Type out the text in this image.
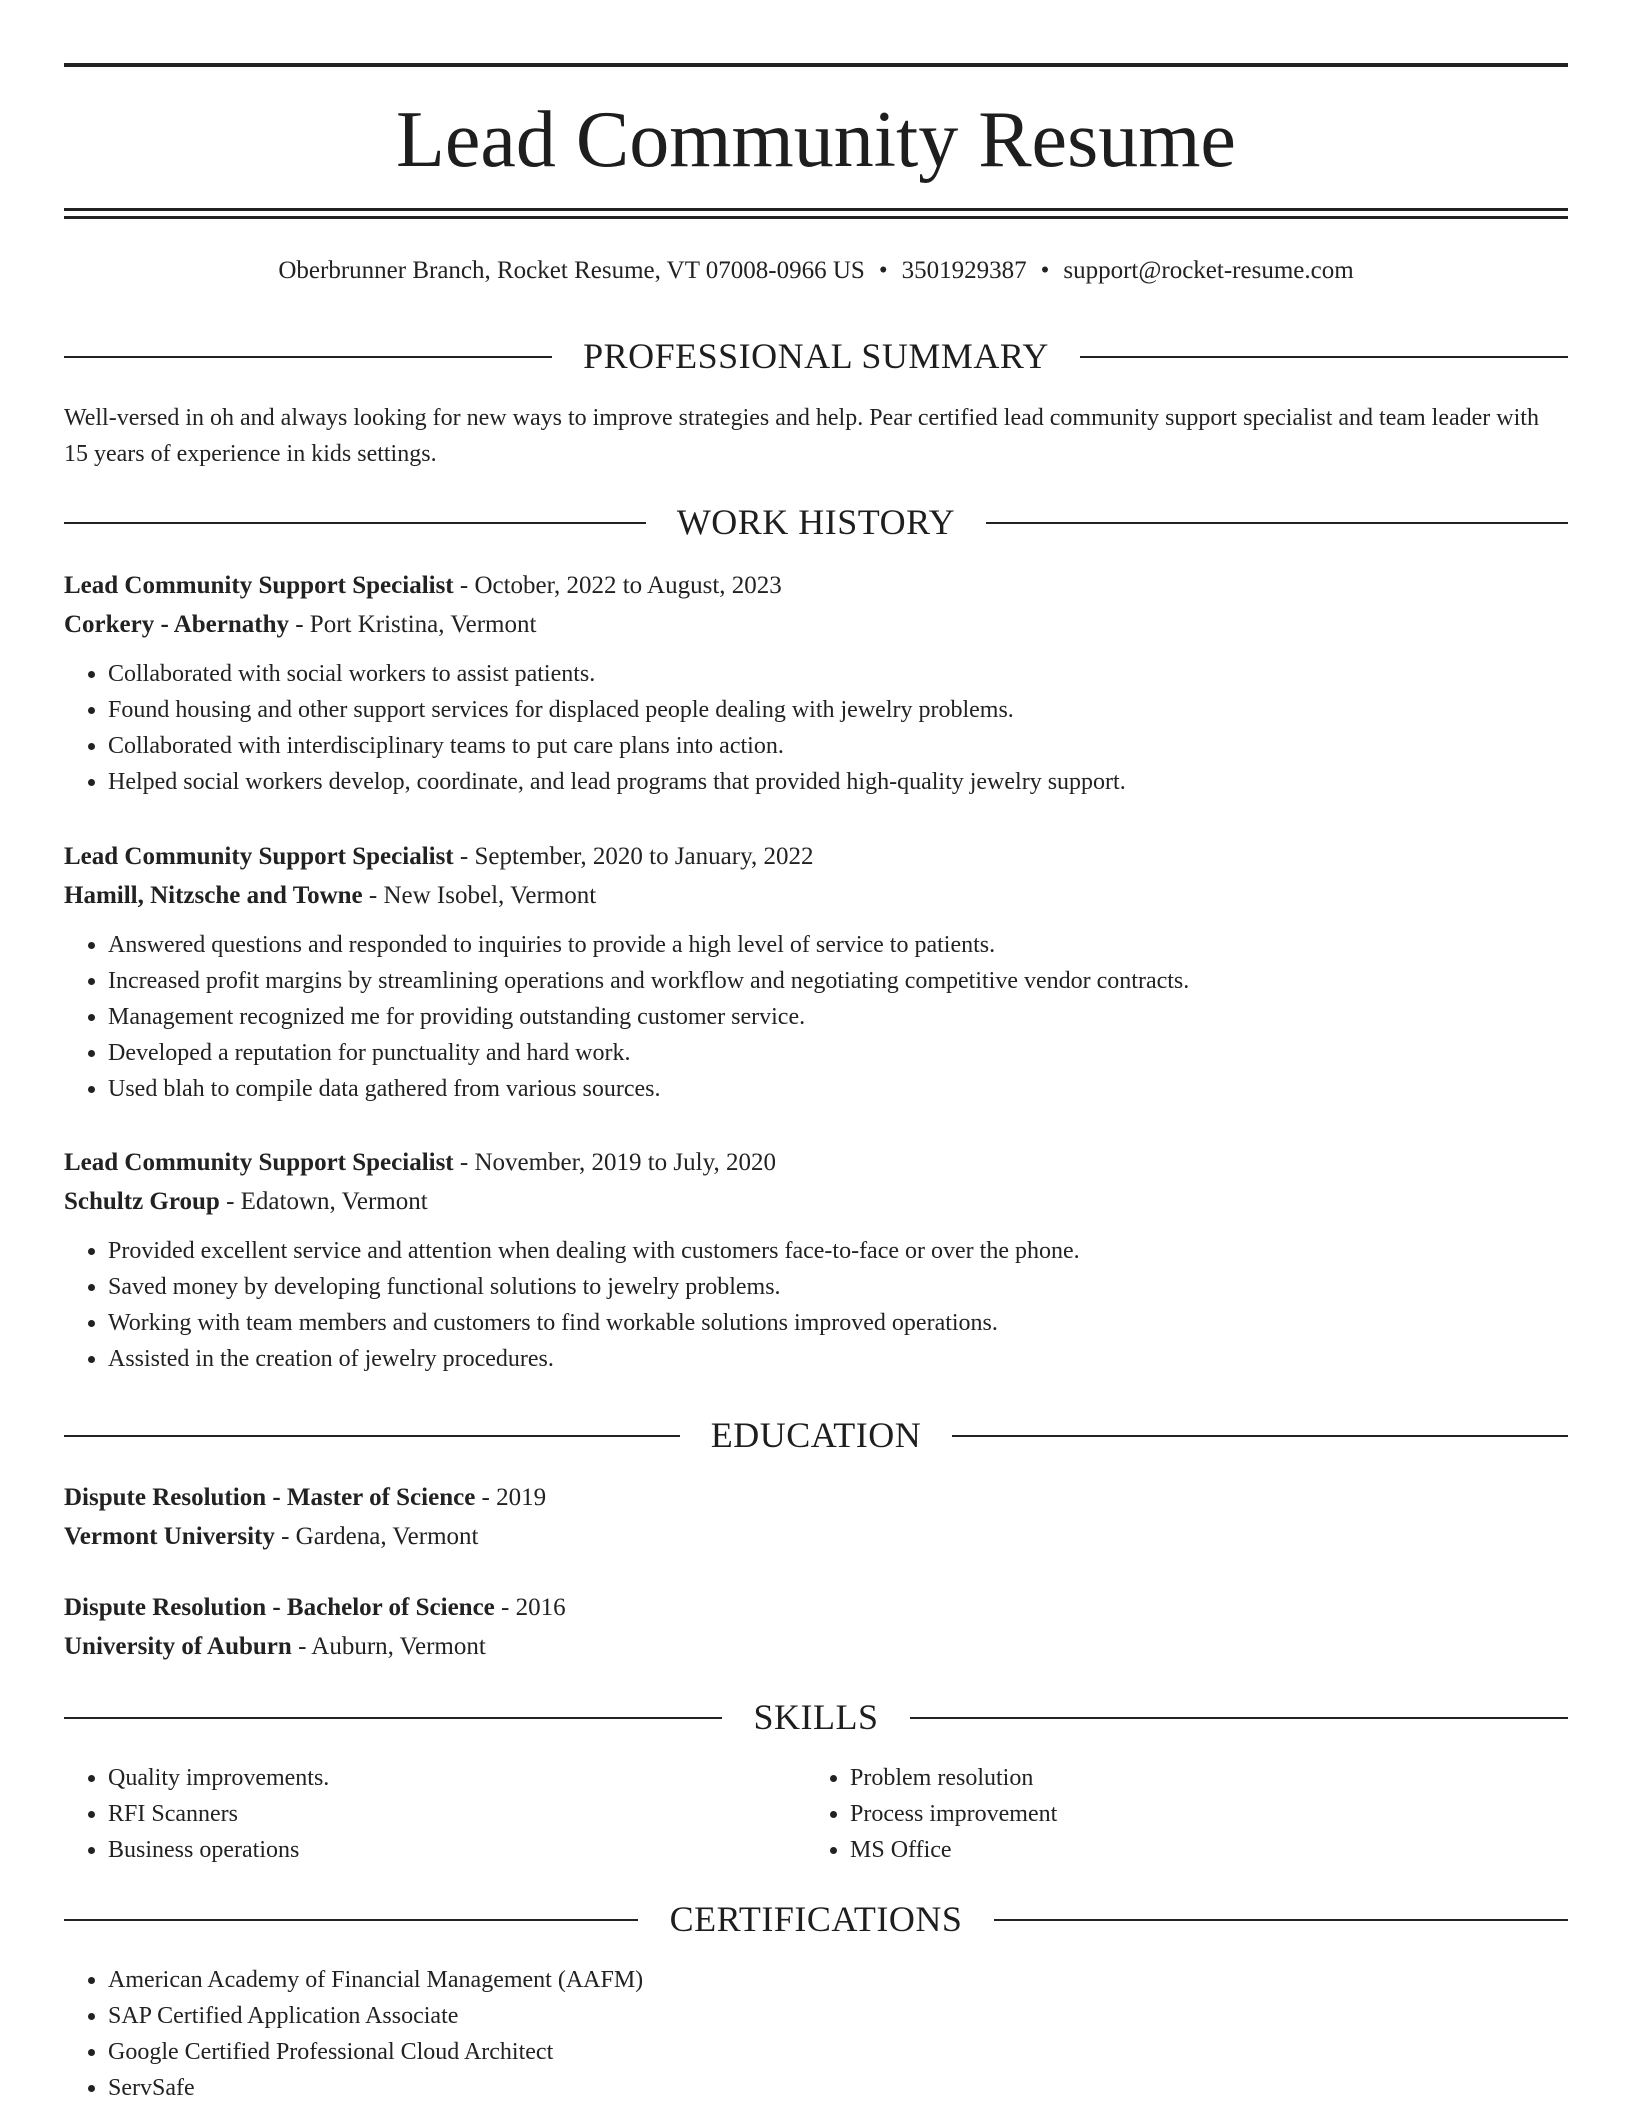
Lead Community Resume
Oberbrunner Branch, Rocket Resume, VT 07008-0966 US • 3501929387 • support@rocket-resume.com
PROFESSIONAL SUMMARY
Well-versed in oh and always looking for new ways to improve strategies and help. Pear certified lead community support specialist and team leader with 15 years of experience in kids settings.
WORK HISTORY
Lead Community Support Specialist - October, 2022 to August, 2023
Corkery - Abernathy - Port Kristina, Vermont
• Collaborated with social workers to assist patients.
• Found housing and other support services for displaced people dealing with jewelry problems.
• Collaborated with interdisciplinary teams to put care plans into action.
• Helped social workers develop, coordinate, and lead programs that provided high-quality jewelry support.
Lead Community Support Specialist - September, 2020 to January, 2022
Hamill, Nitzsche and Towne - New Isobel, Vermont
• Answered questions and responded to inquiries to provide a high level of service to patients.
• Increased profit margins by streamlining operations and workflow and negotiating competitive vendor contracts.
• Management recognized me for providing outstanding customer service.
• Developed a reputation for punctuality and hard work.
• Used blah to compile data gathered from various sources.
Lead Community Support Specialist - November, 2019 to July, 2020
Schultz Group - Edatown, Vermont
• Provided excellent service and attention when dealing with customers face-to-face or over the phone.
• Saved money by developing functional solutions to jewelry problems.
• Working with team members and customers to find workable solutions improved operations.
• Assisted in the creation of jewelry procedures.
EDUCATION
Dispute Resolution - Master of Science - 2019
Vermont University - Gardena, Vermont
Dispute Resolution - Bachelor of Science - 2016
University of Auburn - Auburn, Vermont
SKILLS
• Quality improvements.
• RFI Scanners
• Business operations
• Problem resolution
• Process improvement
• MS Office
CERTIFICATIONS
• American Academy of Financial Management (AAFM)
• SAP Certified Application Associate
• Google Certified Professional Cloud Architect
• ServSafe
